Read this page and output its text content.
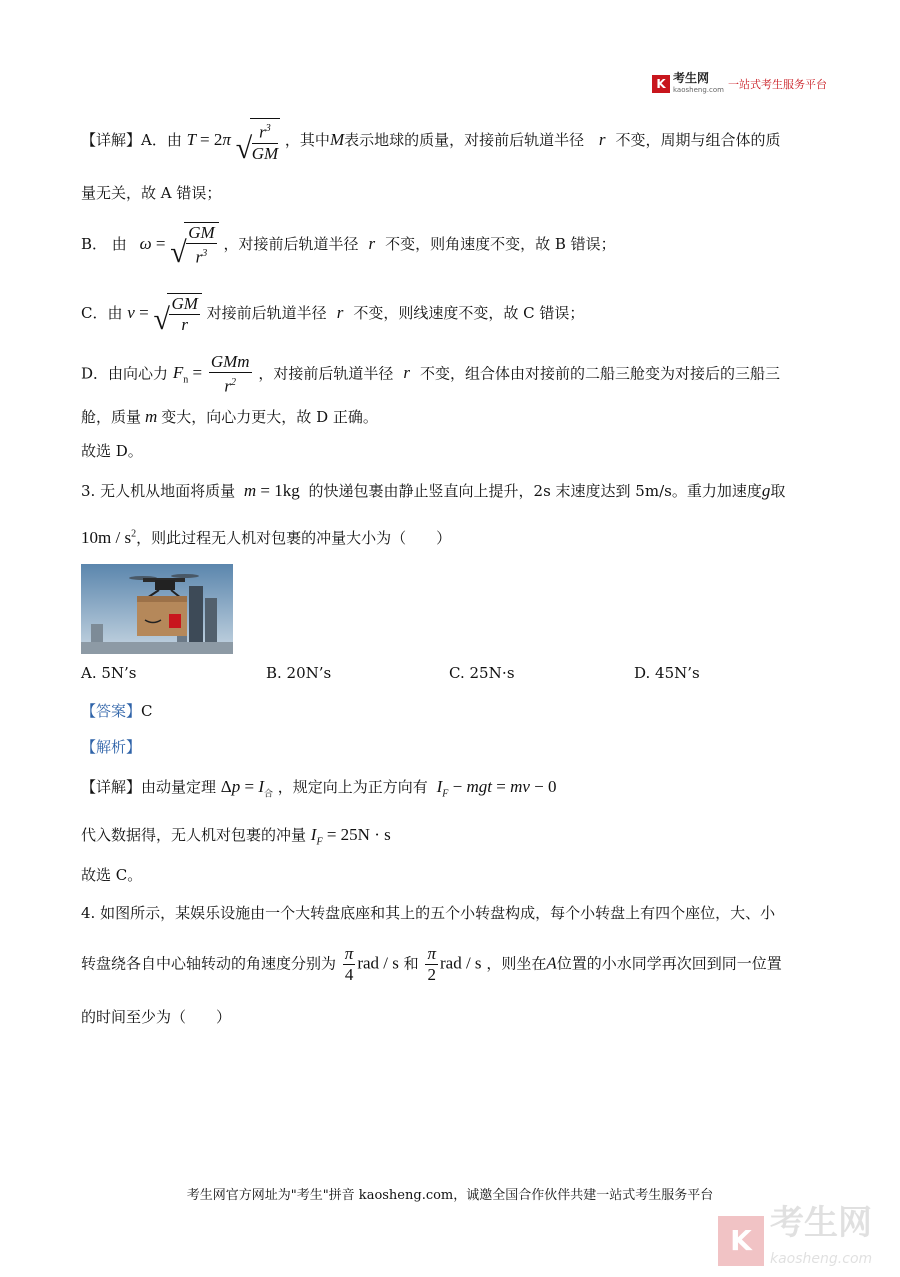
K 考生网
kaosheng.com 一站式考生服务平台
【详解】A．由 T = 2π √ $\frac{r^3}{GM}$ ，其中M表示地球的质量，对接前后轨道半径 r 不变，周期与组合体的质
量无关，故 A 错误；
B． 由 ω = √ $\frac{GM}{r^3}$ ，对接前后轨道半径 r 不变，则角速度不变，故 B 错误；
C．由 v = √ $\frac{GM}{r}$ 对接前后轨道半径 r 不变，则线速度不变，故 C 错误；
D．由向心力 $F_n = \frac{\text{GMm}}{r^2}$ ，对接前后轨道半径 r 不变，组合体由对接前的二船三舱变为对接后的三船三
舱，质量 m 变大，向心力更大，故 D 正确。
故选 D。
3. 无人机从地面将质量 m = 1kg 的快递包裹由静止竖直向上提升，2s 末速度达到 5m/s。重力加速度g取
$10m / s^2$，则此过程无人机对包裹的冲量大小为（　　）
A. 5N’s	B. 20N’s	C. 25N⋅s	D. 45N’s
【答案】C
【解析】
【详解】由动量定理 $\Delta p = I_合$ ，规定向上为正方向有 $I_F$ − mgt = mv − 0
代入数据得，无人机对包裹的冲量 $I_F = 25N \cdot s$
故选 C。
4. 如图所示，某娱乐设施由一个大转盘底座和其上的五个小转盘构成，每个小转盘上有四个座位，大、小
转盘绕各自中心轴转动的角速度分别为 $\frac{\pi}{4}$ rad / s 和 $\frac{\pi}{2}$ rad / s ，则坐在A位置的小水同学再次回到同一位置
的时间至少为（　　）
考生网官方网址为"考生"拼音 kaosheng.com，诚邀全国合作伙伴共建一站式考生服务平台
K 考生网
kaosheng.com
